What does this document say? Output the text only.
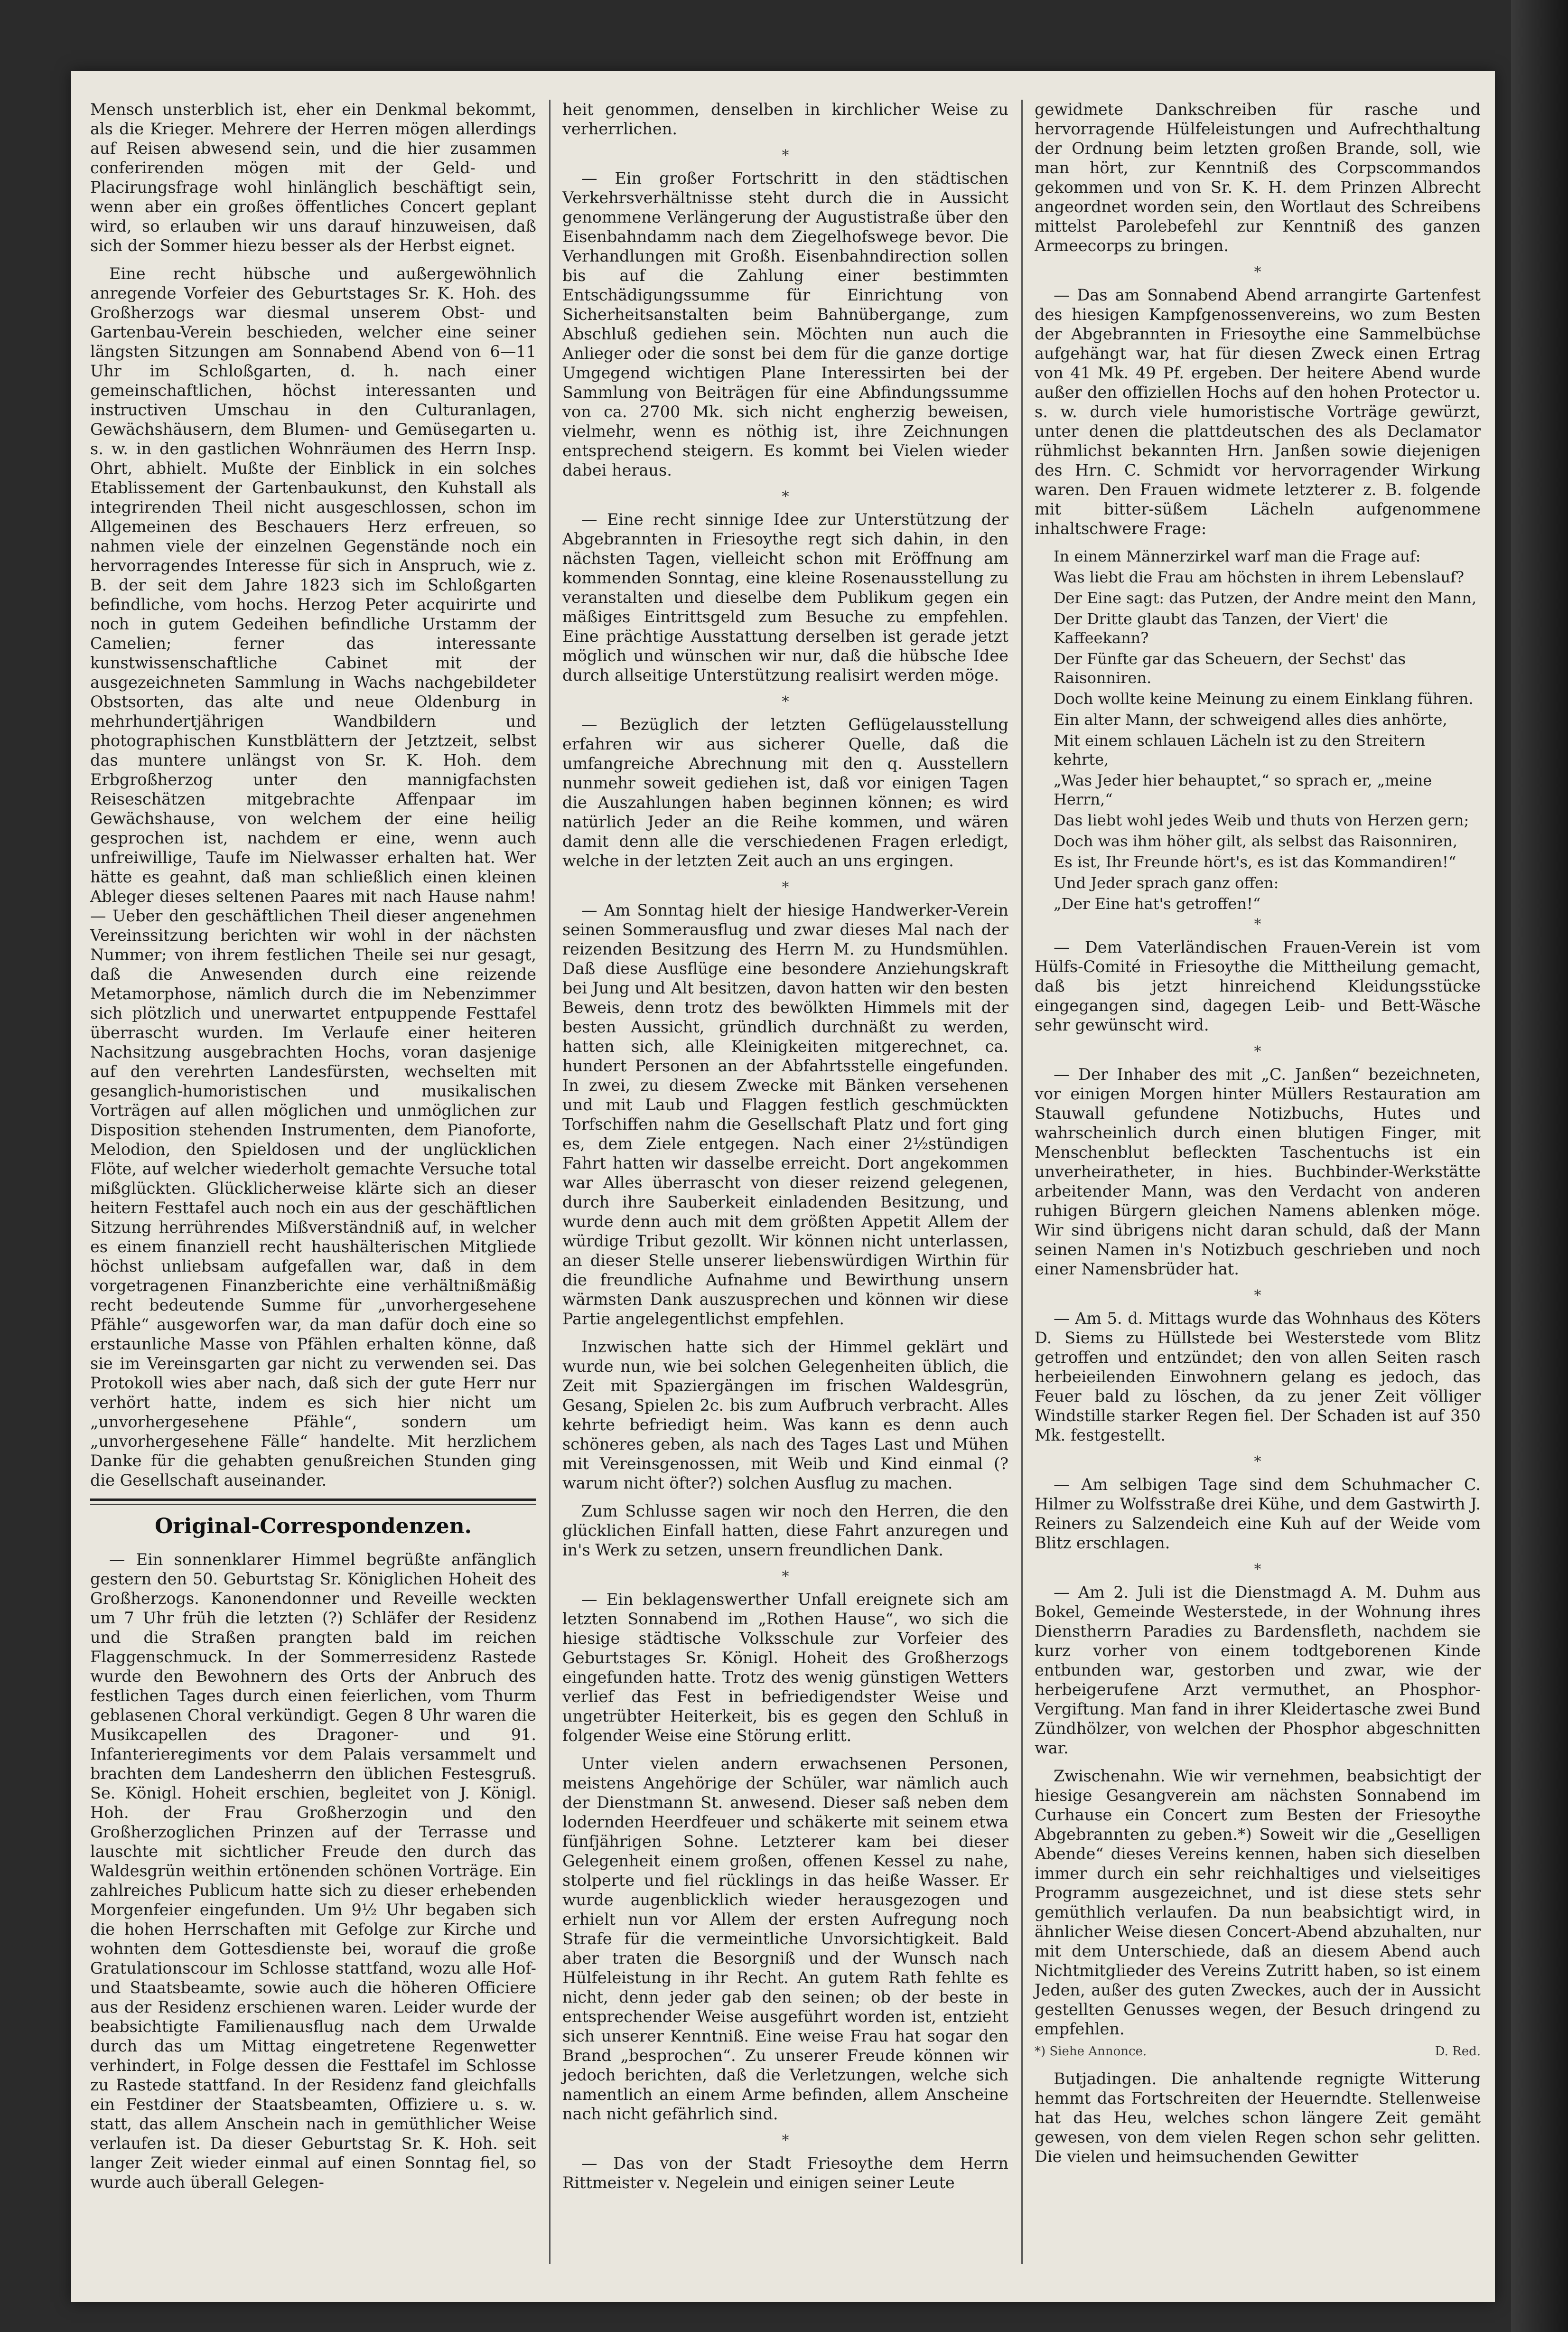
Mensch unsterblich ist, eher ein Denkmal bekommt, als die Krieger. Mehrere der Herren mögen allerdings auf Reisen abwesend sein, und die hier zusammen conferirenden mögen mit der Geld- und Placirungsfrage wohl hinlänglich beschäftigt sein, wenn aber ein großes öffentliches Concert geplant wird, so erlauben wir uns darauf hinzuweisen, daß sich der Sommer hiezu besser als der Herbst eignet.

Eine recht hübsche und außergewöhnlich anregende Vorfeier des Geburtstages Sr. K. Hoh. des Großherzogs war diesmal unserem Obst- und Gartenbau-Verein beschieden, welcher eine seiner längsten Sitzungen am Sonnabend Abend von 6—11 Uhr im Schloßgarten, d. h. nach einer gemeinschaftlichen, höchst interessanten und instructiven Umschau in den Culturanlagen, Gewächshäusern, dem Blumen- und Gemüsegarten u. s. w. in den gastlichen Wohnräumen des Herrn Insp. Ohrt, abhielt. Mußte der Einblick in ein solches Etablissement der Gartenbaukunst, den Kuhstall als integrirenden Theil nicht ausgeschlossen, schon im Allgemeinen des Beschauers Herz erfreuen, so nahmen viele der einzelnen Gegenstände noch ein hervorragendes Interesse für sich in Anspruch, wie z. B. der seit dem Jahre 1823 sich im Schloßgarten befindliche, vom hochs. Herzog Peter acquirirte und noch in gutem Gedeihen befindliche Urstamm der Camelien; ferner das interessante kunstwissenschaftliche Cabinet mit der ausgezeichneten Sammlung in Wachs nachgebildeter Obstsorten, das alte und neue Oldenburg in mehrhundertjährigen Wandbildern und photographischen Kunstblättern der Jetztzeit, selbst das muntere unlängst von Sr. K. Hoh. dem Erbgroßherzog unter den mannigfachsten Reiseschätzen mitgebrachte Affenpaar im Gewächshause, von welchem der eine heilig gesprochen ist, nachdem er eine, wenn auch unfreiwillige, Taufe im Nielwasser erhalten hat. Wer hätte es geahnt, daß man schließlich einen kleinen Ableger dieses seltenen Paares mit nach Hause nahm! — Ueber den geschäftlichen Theil dieser angenehmen Vereinssitzung berichten wir wohl in der nächsten Nummer; von ihrem festlichen Theile sei nur gesagt, daß die Anwesenden durch eine reizende Metamorphose, nämlich durch die im Nebenzimmer sich plötzlich und unerwartet entpuppende Festtafel überrascht wurden. Im Verlaufe einer heiteren Nachsitzung ausgebrachten Hochs, voran dasjenige auf den verehrten Landesfürsten, wechselten mit gesanglich-humoristischen und musikalischen Vorträgen auf allen möglichen und unmöglichen zur Disposition stehenden Instrumenten, dem Pianoforte, Melodion, den Spieldosen und der unglücklichen Flöte, auf welcher wiederholt gemachte Versuche total mißglückten. Glücklicherweise klärte sich an dieser heitern Festtafel auch noch ein aus der geschäftlichen Sitzung herrührendes Mißverständniß auf, in welcher es einem finanziell recht haushälterischen Mitgliede höchst unliebsam aufgefallen war, daß in dem vorgetragenen Finanzberichte eine verhältnißmäßig recht bedeutende Summe für „unvorhergesehene Pfähle“ ausgeworfen war, da man dafür doch eine so erstaunliche Masse von Pfählen erhalten könne, daß sie im Vereinsgarten gar nicht zu verwenden sei. Das Protokoll wies aber nach, daß sich der gute Herr nur verhört hatte, indem es sich hier nicht um „unvorhergesehene Pfähle“, sondern um „unvorhergesehene Fälle“ handelte. Mit herzlichem Danke für die gehabten genußreichen Stunden ging die Gesellschaft auseinander.

Original-Correspondenzen.

— Ein sonnenklarer Himmel begrüßte anfänglich gestern den 50. Geburtstag Sr. Königlichen Hoheit des Großherzogs. Kanonendonner und Reveille weckten um 7 Uhr früh die letzten (?) Schläfer der Residenz und die Straßen prangten bald im reichen Flaggenschmuck. In der Sommerresidenz Rastede wurde den Bewohnern des Orts der Anbruch des festlichen Tages durch einen feierlichen, vom Thurm geblasenen Choral verkündigt. Gegen 8 Uhr waren die Musikcapellen des Dragoner- und 91. Infanterieregiments vor dem Palais versammelt und brachten dem Landesherrn den üblichen Festesgruß. Se. Königl. Hoheit erschien, begleitet von J. Königl. Hoh. der Frau Großherzogin und den Großherzoglichen Prinzen auf der Terrasse und lauschte mit sichtlicher Freude den durch das Waldesgrün weithin ertönenden schönen Vorträge. Ein zahlreiches Publicum hatte sich zu dieser erhebenden Morgenfeier eingefunden. Um 9½ Uhr begaben sich die hohen Herrschaften mit Gefolge zur Kirche und wohnten dem Gottesdienste bei, worauf die große Gratulationscour im Schlosse stattfand, wozu alle Hof- und Staatsbeamte, sowie auch die höheren Officiere aus der Residenz erschienen waren. Leider wurde der beabsichtigte Familienausflug nach dem Urwalde durch das um Mittag eingetretene Regenwetter verhindert, in Folge dessen die Festtafel im Schlosse zu Rastede stattfand. In der Residenz fand gleichfalls ein Festdiner der Staatsbeamten, Offiziere u. s. w. statt, das allem Anschein nach in gemüthlicher Weise verlaufen ist. Da dieser Geburtstag Sr. K. Hoh. seit langer Zeit wieder einmal auf einen Sonntag fiel, so wurde auch überall Gelegen-

heit genommen, denselben in kirchlicher Weise zu verherrlichen.

*

— Ein großer Fortschritt in den städtischen Verkehrsverhältnisse steht durch die in Aussicht genommene Verlängerung der Augustistraße über den Eisenbahndamm nach dem Ziegelhofswege bevor. Die Verhandlungen mit Großh. Eisenbahndirection sollen bis auf die Zahlung einer bestimmten Entschädigungssumme für Einrichtung von Sicherheitsanstalten beim Bahnübergange, zum Abschluß gediehen sein. Möchten nun auch die Anlieger oder die sonst bei dem für die ganze dortige Umgegend wichtigen Plane Interessirten bei der Sammlung von Beiträgen für eine Abfindungssumme von ca. 2700 Mk. sich nicht engherzig beweisen, vielmehr, wenn es nöthig ist, ihre Zeichnungen entsprechend steigern. Es kommt bei Vielen wieder dabei heraus.

*

— Eine recht sinnige Idee zur Unterstützung der Abgebrannten in Friesoythe regt sich dahin, in den nächsten Tagen, vielleicht schon mit Eröffnung am kommenden Sonntag, eine kleine Rosenausstellung zu veranstalten und dieselbe dem Publikum gegen ein mäßiges Eintrittsgeld zum Besuche zu empfehlen. Eine prächtige Ausstattung derselben ist gerade jetzt möglich und wünschen wir nur, daß die hübsche Idee durch allseitige Unterstützung realisirt werden möge.

*

— Bezüglich der letzten Geflügelausstellung erfahren wir aus sicherer Quelle, daß die umfangreiche Abrechnung mit den q. Ausstellern nunmehr soweit gediehen ist, daß vor einigen Tagen die Auszahlungen haben beginnen können; es wird natürlich Jeder an die Reihe kommen, und wären damit denn alle die verschiedenen Fragen erledigt, welche in der letzten Zeit auch an uns ergingen.

*

— Am Sonntag hielt der hiesige Handwerker-Verein seinen Sommerausflug und zwar dieses Mal nach der reizenden Besitzung des Herrn M. zu Hundsmühlen. Daß diese Ausflüge eine besondere Anziehungskraft bei Jung und Alt besitzen, davon hatten wir den besten Beweis, denn trotz des bewölkten Himmels mit der besten Aussicht, gründlich durchnäßt zu werden, hatten sich, alle Kleinigkeiten mitgerechnet, ca. hundert Personen an der Abfahrtsstelle eingefunden. In zwei, zu diesem Zwecke mit Bänken versehenen und mit Laub und Flaggen festlich geschmückten Torfschiffen nahm die Gesellschaft Platz und fort ging es, dem Ziele entgegen. Nach einer 2½stündigen Fahrt hatten wir dasselbe erreicht. Dort angekommen war Alles überrascht von dieser reizend gelegenen, durch ihre Sauberkeit einladenden Besitzung, und wurde denn auch mit dem größten Appetit Allem der würdige Tribut gezollt. Wir können nicht unterlassen, an dieser Stelle unserer liebenswürdigen Wirthin für die freundliche Aufnahme und Bewirthung unsern wärmsten Dank auszusprechen und können wir diese Partie angelegentlichst empfehlen.

Inzwischen hatte sich der Himmel geklärt und wurde nun, wie bei solchen Gelegenheiten üblich, die Zeit mit Spaziergängen im frischen Waldesgrün, Gesang, Spielen 2c. bis zum Aufbruch verbracht. Alles kehrte befriedigt heim. Was kann es denn auch schöneres geben, als nach des Tages Last und Mühen mit Vereinsgenossen, mit Weib und Kind einmal (? warum nicht öfter?) solchen Ausflug zu machen.

Zum Schlusse sagen wir noch den Herren, die den glücklichen Einfall hatten, diese Fahrt anzuregen und in's Werk zu setzen, unsern freundlichen Dank.

*

— Ein beklagenswerther Unfall ereignete sich am letzten Sonnabend im „Rothen Hause“, wo sich die hiesige städtische Volksschule zur Vorfeier des Geburtstages Sr. Königl. Hoheit des Großherzogs eingefunden hatte. Trotz des wenig günstigen Wetters verlief das Fest in befriedigendster Weise und ungetrübter Heiterkeit, bis es gegen den Schluß in folgender Weise eine Störung erlitt.

Unter vielen andern erwachsenen Personen, meistens Angehörige der Schüler, war nämlich auch der Dienstmann St. anwesend. Dieser saß neben dem lodernden Heerdfeuer und schäkerte mit seinem etwa fünfjährigen Sohne. Letzterer kam bei dieser Gelegenheit einem großen, offenen Kessel zu nahe, stolperte und fiel rücklings in das heiße Wasser. Er wurde augenblicklich wieder herausgezogen und erhielt nun vor Allem der ersten Aufregung noch Strafe für die vermeintliche Unvorsichtigkeit. Bald aber traten die Besorgniß und der Wunsch nach Hülfeleistung in ihr Recht. An gutem Rath fehlte es nicht, denn jeder gab den seinen; ob der beste in entsprechender Weise ausgeführt worden ist, entzieht sich unserer Kenntniß. Eine weise Frau hat sogar den Brand „besprochen“. Zu unserer Freude können wir jedoch berichten, daß die Verletzungen, welche sich namentlich an einem Arme befinden, allem Anscheine nach nicht gefährlich sind.

*

— Das von der Stadt Friesoythe dem Herrn Rittmeister v. Negelein und einigen seiner Leute

gewidmete Dankschreiben für rasche und hervorragende Hülfeleistungen und Aufrechthaltung der Ordnung beim letzten großen Brande, soll, wie man hört, zur Kenntniß des Corpscommandos gekommen und von Sr. K. H. dem Prinzen Albrecht angeordnet worden sein, den Wortlaut des Schreibens mittelst Parolebefehl zur Kenntniß des ganzen Armeecorps zu bringen.

*

— Das am Sonnabend Abend arrangirte Gartenfest des hiesigen Kampfgenossenvereins, wo zum Besten der Abgebrannten in Friesoythe eine Sammelbüchse aufgehängt war, hat für diesen Zweck einen Ertrag von 41 Mk. 49 Pf. ergeben. Der heitere Abend wurde außer den offiziellen Hochs auf den hohen Protector u. s. w. durch viele humoristische Vorträge gewürzt, unter denen die plattdeutschen des als Declamator rühmlichst bekannten Hrn. Janßen sowie diejenigen des Hrn. C. Schmidt vor hervorragender Wirkung waren. Den Frauen widmete letzterer z. B. folgende mit bitter-süßem Lächeln aufgenommene inhaltschwere Frage:

In einem Männerzirkel warf man die Frage auf:
Was liebt die Frau am höchsten in ihrem Lebenslauf?
Der Eine sagt: das Putzen, der Andre meint den Mann,
Der Dritte glaubt das Tanzen, der Viert' die Kaffeekann?
Der Fünfte gar das Scheuern, der Sechst' das Raisonniren.
Doch wollte keine Meinung zu einem Einklang führen.
Ein alter Mann, der schweigend alles dies anhörte,
Mit einem schlauen Lächeln ist zu den Streitern kehrte,
„Was Jeder hier behauptet,“ so sprach er, „meine Herrn,“
Das liebt wohl jedes Weib und thuts von Herzen gern;
Doch was ihm höher gilt, als selbst das Raisonniren,
Es ist, Ihr Freunde hört's, es ist das Kommandiren!“
Und Jeder sprach ganz offen:
„Der Eine hat's getroffen!“
*

— Dem Vaterländischen Frauen-Verein ist vom Hülfs-Comité in Friesoythe die Mittheilung gemacht, daß bis jetzt hinreichend Kleidungsstücke eingegangen sind, dagegen Leib- und Bett-Wäsche sehr gewünscht wird.

*

— Der Inhaber des mit „C. Janßen“ bezeichneten, vor einigen Morgen hinter Müllers Restauration am Stauwall gefundene Notizbuchs, Hutes und wahrscheinlich durch einen blutigen Finger, mit Menschenblut befleckten Taschentuchs ist ein unverheiratheter, in hies. Buchbinder-Werkstätte arbeitender Mann, was den Verdacht von anderen ruhigen Bürgern gleichen Namens ablenken möge. Wir sind übrigens nicht daran schuld, daß der Mann seinen Namen in's Notizbuch geschrieben und noch einer Namensbrüder hat.

*

— Am 5. d. Mittags wurde das Wohnhaus des Köters D. Siems zu Hüllstede bei Westerstede vom Blitz getroffen und entzündet; den von allen Seiten rasch herbeieilenden Einwohnern gelang es jedoch, das Feuer bald zu löschen, da zu jener Zeit völliger Windstille starker Regen fiel. Der Schaden ist auf 350 Mk. festgestellt.

*

— Am selbigen Tage sind dem Schuhmacher C. Hilmer zu Wolfsstraße drei Kühe, und dem Gastwirth J. Reiners zu Salzendeich eine Kuh auf der Weide vom Blitz erschlagen.

*

— Am 2. Juli ist die Dienstmagd A. M. Duhm aus Bokel, Gemeinde Westerstede, in der Wohnung ihres Dienstherrn Paradies zu Bardensfleth, nachdem sie kurz vorher von einem todtgeborenen Kinde entbunden war, gestorben und zwar, wie der herbeigerufene Arzt vermuthet, an Phosphor-Vergiftung. Man fand in ihrer Kleidertasche zwei Bund Zündhölzer, von welchen der Phosphor abgeschnitten war.

Zwischenahn. Wie wir vernehmen, beabsichtigt der hiesige Gesangverein am nächsten Sonnabend im Curhause ein Concert zum Besten der Friesoythe Abgebrannten zu geben.*) Soweit wir die „Geselligen Abende“ dieses Vereins kennen, haben sich dieselben immer durch ein sehr reichhaltiges und vielseitiges Programm ausgezeichnet, und ist diese stets sehr gemüthlich verlaufen. Da nun beabsichtigt wird, in ähnlicher Weise diesen Concert-Abend abzuhalten, nur mit dem Unterschiede, daß an diesem Abend auch Nichtmitglieder des Vereins Zutritt haben, so ist einem Jeden, außer des guten Zweckes, auch der in Aussicht gestellten Genusses wegen, der Besuch dringend zu empfehlen.

*) Siehe Annonce.	D. Red.

Butjadingen. Die anhaltende regnigte Witterung hemmt das Fortschreiten der Heuerndte. Stellenweise hat das Heu, welches schon längere Zeit gemäht gewesen, von dem vielen Regen schon sehr gelitten. Die vielen und heimsuchenden Gewitter
